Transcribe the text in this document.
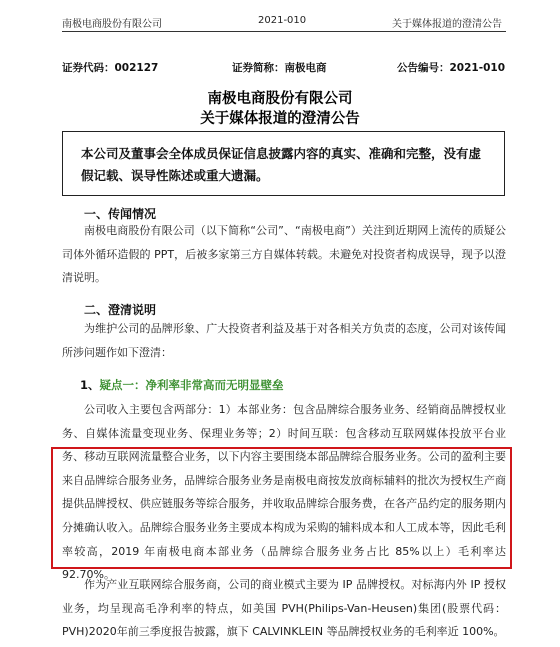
南极电商股份有限公司	2021-010	关于媒体报道的澄清公告
证券代码：002127	证券简称：南极电商	公告编号：2021-010
南极电商股份有限公司
关于媒体报道的澄清公告
本公司及董事会全体成员保证信息披露内容的真实、准确和完整，没有虚假记载、误导性陈述或重大遗漏。
一、传闻情况
南极电商股份有限公司（以下简称“公司”、“南极电商”）关注到近期网上流传的质疑公司体外循环造假的 PPT，后被多家第三方自媒体转载。未避免对投资者构成误导，现予以澄清说明。
二、澄清说明
为维护公司的品牌形象、广大投资者利益及基于对各相关方负责的态度，公司对该传闻所涉问题作如下澄清：
1、疑点一：净利率非常高而无明显壁垒
公司收入主要包含两部分：1）本部业务：包含品牌综合服务业务、经销商品牌授权业务、自媒体流量变现业务、保理业务等；2）时间互联：包含移动互联网媒体投放平台业务、移动互联网流量整合业务，以下内容主要围绕本部品牌综合服务业务。公司的盈利主要来自品牌综合服务业务，品牌综合服务业务是南极电商按发放商标辅料的批次为授权生产商提供品牌授权、供应链服务等综合服务，并收取品牌综合服务费，在各产品约定的服务期内分摊确认收入。品牌综合服务业务主要成本构成为采购的辅料成本和人工成本等，因此毛利率较高，2019 年南极电商本部业务（品牌综合服务业务占比 85%以上）毛利率达 92.70%。
作为产业互联网综合服务商，公司的商业模式主要为 IP 品牌授权。对标海内外 IP 授权业务，均呈现高毛净利率的特点，如美国 PVH(Philips-Van-Heusen)集团(股票代码：PVH)2020年前三季度报告披露，旗下 CALVINKLEIN 等品牌授权业务的毛利率近 100%。
